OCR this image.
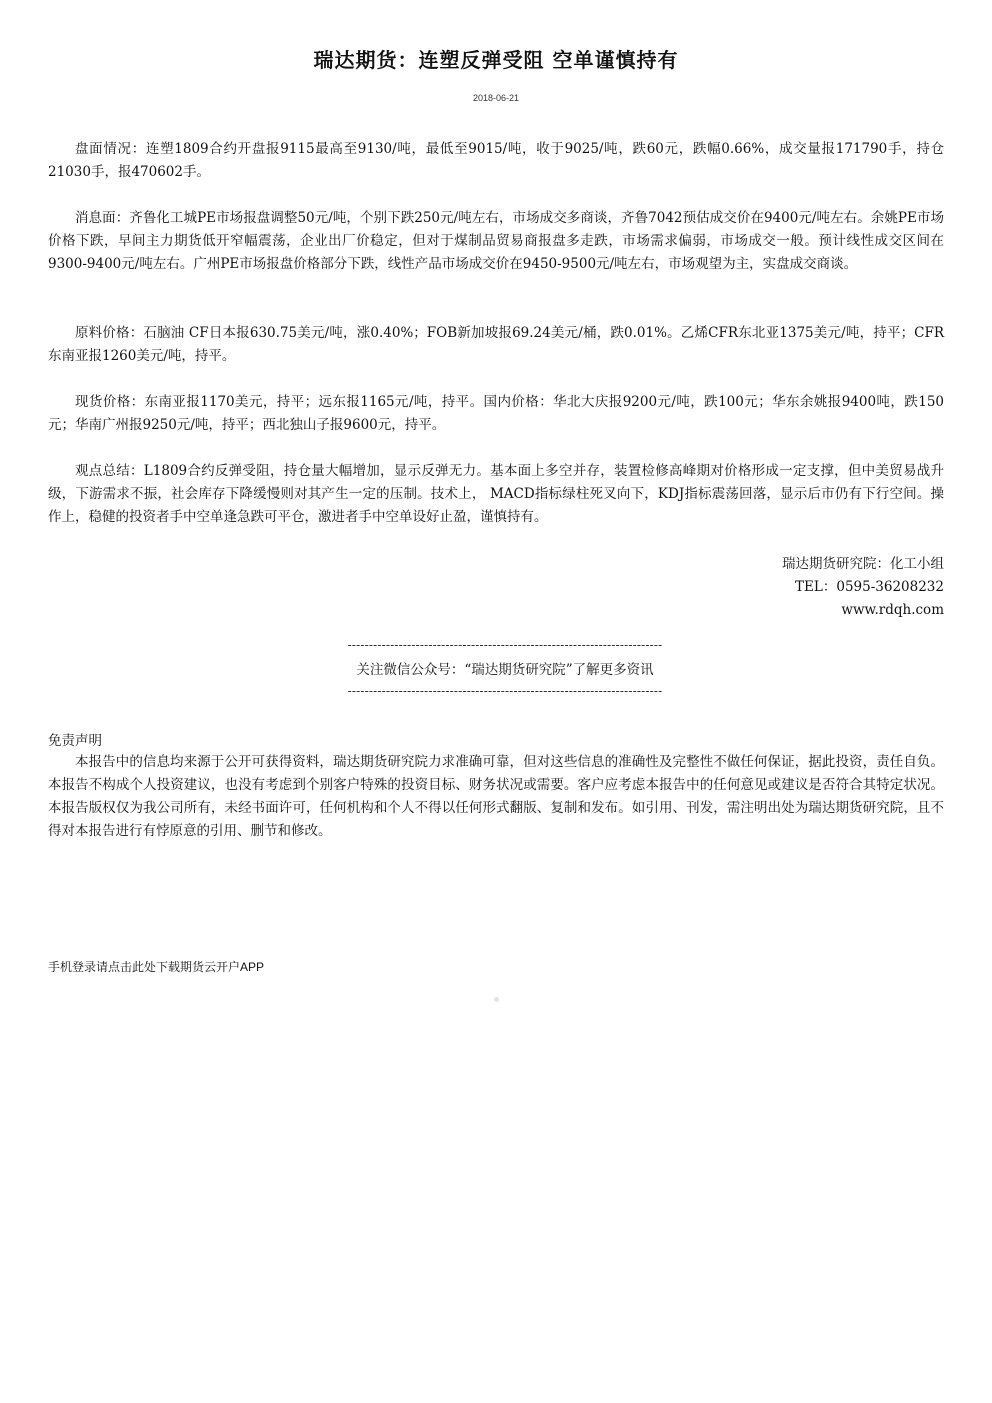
瑞达期货：连塑反弹受阻 空单谨慎持有
2018-06-21

盘面情况：连塑1809合约开盘报9115最高至9130/吨，最低至9015/吨，收于9025/吨，跌60元，跌幅0.66%，成交量报171790手，持仓21030手，报470602手。

消息面：齐鲁化工城PE市场报盘调整50元/吨，个别下跌250元/吨左右，市场成交多商谈，齐鲁7042预估成交价在9400元/吨左右。余姚PE市场价格下跌，早间主力期货低开窄幅震荡，企业出厂价稳定，但对于煤制品贸易商报盘多走跌，市场需求偏弱，市场成交一般。预计线性成交区间在9300-9400元/吨左右。广州PE市场报盘价格部分下跌，线性产品市场成交价在9450-9500元/吨左右，市场观望为主，实盘成交商谈。

原料价格：石脑油 CF日本报630.75美元/吨，涨0.40%；FOB新加坡报69.24美元/桶，跌0.01%。乙烯CFR东北亚1375美元/吨，持平；CFR东南亚报1260美元/吨，持平。

现货价格：东南亚报1170美元，持平；远东报1165元/吨，持平。国内价格：华北大庆报9200元/吨，跌100元；华东余姚报9400吨，跌150元；华南广州报9250元/吨，持平；西北独山子报9600元，持平。

观点总结：L1809合约反弹受阻，持仓量大幅增加，显示反弹无力。基本面上多空并存，装置检修高峰期对价格形成一定支撑，但中美贸易战升级，下游需求不振，社会库存下降缓慢则对其产生一定的压制。技术上， MACD指标绿柱死叉向下，KDJ指标震荡回落，显示后市仍有下行空间。操作上，稳健的投资者手中空单逢急跌可平仓，激进者手中空单设好止盈，谨慎持有。

瑞达期货研究院：化工小组
TEL：0595-36208232
www.rdqh.com
--------------------------------------------------------------------------
关注微信公众号：“瑞达期货研究院”了解更多资讯
--------------------------------------------------------------------------
免责声明

本报告中的信息均来源于公开可获得资料，瑞达期货研究院力求准确可靠，但对这些信息的准确性及完整性不做任何保证，据此投资，责任自负。本报告不构成个人投资建议，也没有考虑到个别客户特殊的投资目标、财务状况或需要。客户应考虑本报告中的任何意见或建议是否符合其特定状况。本报告版权仅为我公司所有，未经书面许可，任何机构和个人不得以任何形式翻版、复制和发布。如引用、刊发，需注明出处为瑞达期货研究院，且不得对本报告进行有悖原意的引用、删节和修改。

手机登录请点击此处下载期货云开户APP
